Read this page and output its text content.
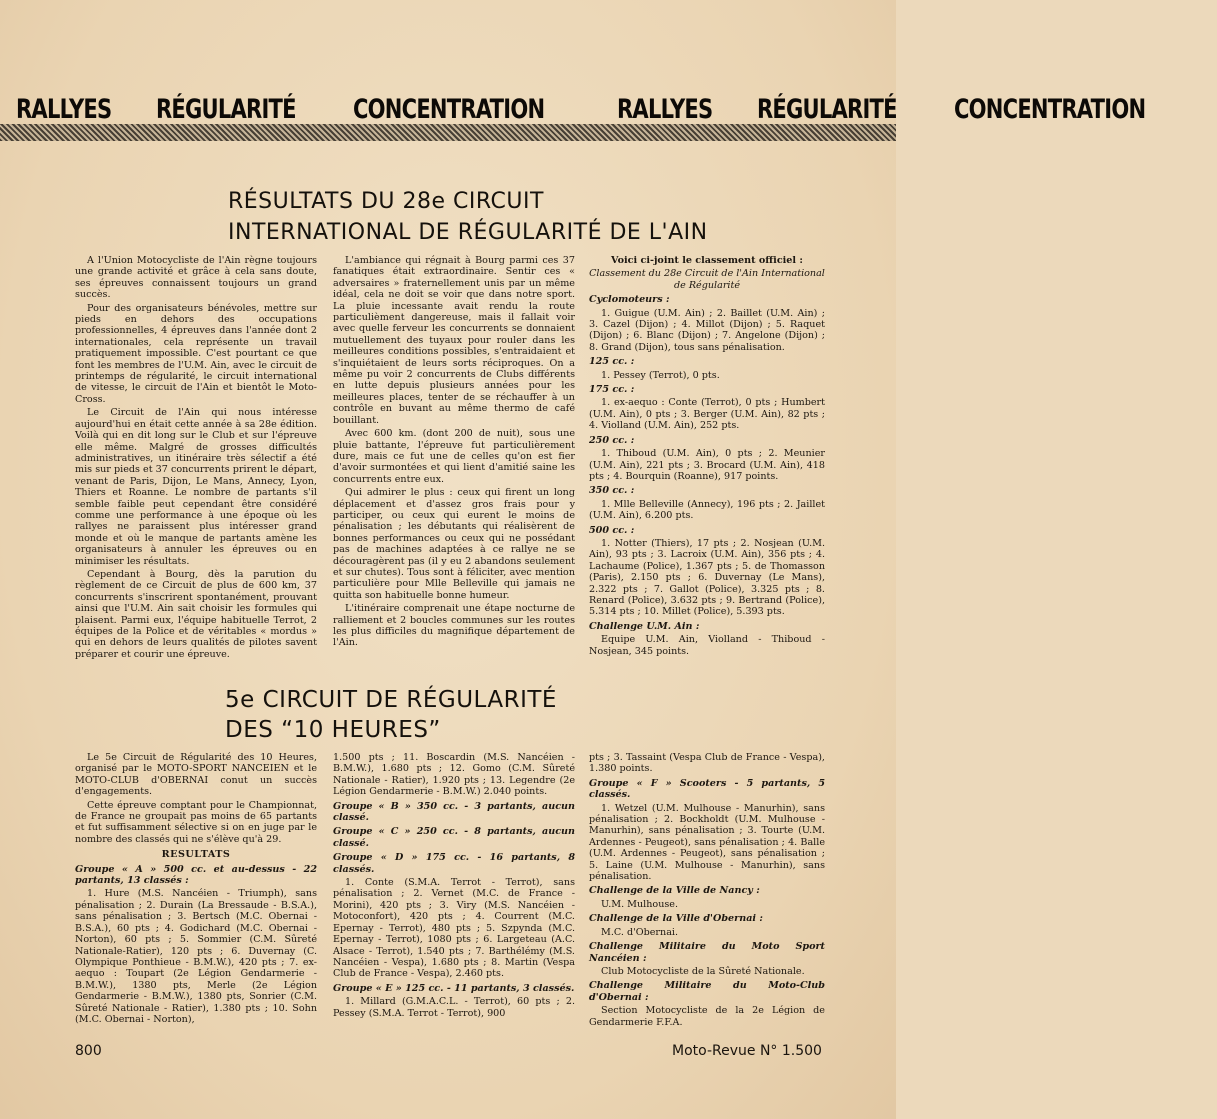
RALLYES RÉGULARITÉ CONCENTRATION	RALLYES RÉGULARITÉ CONCENTRATION
RÉSULTATS DU 28e CIRCUIT
INTERNATIONAL DE RÉGULARITÉ DE L'AIN

A l'Union Motocycliste de l'Ain règne toujours une grande activité et grâce à cela sans doute, ses épreuves connaissent toujours un grand succès.

Pour des organisateurs bénévoles, mettre sur pieds en dehors des occupations professionnelles, 4 épreuves dans l'année dont 2 internationales, cela représente un travail pratiquement impossible. C'est pourtant ce que font les membres de l'U.M. Ain, avec le circuit de printemps de régularité, le circuit international de vitesse, le circuit de l'Ain et bientôt le Moto-Cross.

Le Circuit de l'Ain qui nous intéresse aujourd'hui en était cette année à sa 28e édition. Voilà qui en dit long sur le Club et sur l'épreuve elle même. Malgré de grosses difficultés administratives, un itinéraire très sélectif a été mis sur pieds et 37 concurrents prirent le départ, venant de Paris, Dijon, Le Mans, Annecy, Lyon, Thiers et Roanne. Le nombre de partants s'il semble faible peut cependant être considéré comme une performance à une époque où les rallyes ne paraissent plus intéresser grand monde et où le manque de partants amène les organisateurs à annuler les épreuves ou en minimiser les résultats.

Cependant à Bourg, dès la parution du règlement de ce Circuit de plus de 600 km, 37 concurrents s'inscrirent spontanément, prouvant ainsi que l'U.M. Ain sait choisir les formules qui plaisent. Parmi eux, l'équipe habituelle Terrot, 2 équipes de la Police et de véritables « mordus » qui en dehors de leurs qualités de pilotes savent préparer et courir une épreuve.

L'ambiance qui régnait à Bourg parmi ces 37 fanatiques était extraordinaire. Sentir ces « adversaires » fraternellement unis par un même idéal, cela ne doit se voir que dans notre sport. La pluie incessante avait rendu la route particulièment dangereuse, mais il fallait voir avec quelle ferveur les concurrents se donnaient mutuellement des tuyaux pour rouler dans les meilleures conditions possibles, s'entraidaient et s'inquiétaient de leurs sorts réciproques. On a même pu voir 2 concurrents de Clubs différents en lutte depuis plusieurs années pour les meilleures places, tenter de se réchauffer à un contrôle en buvant au même thermo de café bouillant.

Avec 600 km. (dont 200 de nuit), sous une pluie battante, l'épreuve fut particulièrement dure, mais ce fut une de celles qu'on est fier d'avoir surmontées et qui lient d'amitié saine les concurrents entre eux.

Qui admirer le plus : ceux qui firent un long déplacement et d'assez gros frais pour y participer, ou ceux qui eurent le moins de pénalisation ; les débutants qui réalisèrent de bonnes performances ou ceux qui ne possédant pas de machines adaptées à ce rallye ne se découragèrent pas (il y eu 2 abandons seulement et sur chutes). Tous sont à féliciter, avec mention particulière pour Mlle Belleville qui jamais ne quitta son habituelle bonne humeur.

L'itinéraire comprenait une étape nocturne de ralliement et 2 boucles communes sur les routes les plus difficiles du magnifique département de l'Ain.

Voici ci-joint le classement officiel :

Classement du 28e Circuit de l'Ain International de Régularité

Cyclomoteurs :

1. Guigue (U.M. Ain) ; 2. Baillet (U.M. Ain) ; 3. Cazel (Dijon) ; 4. Millot (Dijon) ; 5. Raquet (Dijon) ; 6. Blanc (Dijon) ; 7. Angelone (Dijon) ; 8. Grand (Dijon), tous sans pénalisation.

125 cc. :

1. Pessey (Terrot), 0 pts.

175 cc. :

1. ex-aequo : Conte (Terrot), 0 pts ; Humbert (U.M. Ain), 0 pts ; 3. Berger (U.M. Ain), 82 pts ; 4. Violland (U.M. Ain), 252 pts.

250 cc. :

1. Thiboud (U.M. Ain), 0 pts ; 2. Meunier (U.M. Ain), 221 pts ; 3. Brocard (U.M. Ain), 418 pts ; 4. Bourquin (Roanne), 917 points.

350 cc. :

1. Mlle Belleville (Annecy), 196 pts ; 2. Jaillet (U.M. Ain), 6.200 pts.

500 cc. :

1. Notter (Thiers), 17 pts ; 2. Nosjean (U.M. Ain), 93 pts ; 3. Lacroix (U.M. Ain), 356 pts ; 4. Lachaume (Police), 1.367 pts ; 5. de Thomasson (Paris), 2.150 pts ; 6. Duvernay (Le Mans), 2.322 pts ; 7. Gallot (Police), 3.325 pts ; 8. Renard (Police), 3.632 pts ; 9. Bertrand (Police), 5.314 pts ; 10. Millet (Police), 5.393 pts.

Challenge U.M. Ain :

Equipe U.M. Ain, Violland - Thiboud - Nosjean, 345 points.

5e CIRCUIT DE RÉGULARITÉ
DES “10 HEURES”

Le 5e Circuit de Régularité des 10 Heures, organisé par le MOTO-SPORT NANCEIEN et le MOTO-CLUB d'OBERNAI conut un succès d'engagements.

Cette épreuve comptant pour le Championnat, de France ne groupait pas moins de 65 partants et fut suffisamment sélective si on en juge par le nombre des classés qui ne s'élève qu'à 29.

RESULTATS

Groupe « A » 500 cc. et au-dessus - 22 partants, 13 classés :

1. Hure (M.S. Nancéien - Triumph), sans pénalisation ; 2. Durain (La Bressaude - B.S.A.), sans pénalisation ; 3. Bertsch (M.C. Obernai - B.S.A.), 60 pts ; 4. Godichard (M.C. Obernai - Norton), 60 pts ; 5. Sommier (C.M. Sûreté Nationale-Ratier), 120 pts ; 6. Duvernay (C. Olympique Ponthieue - B.M.W.), 420 pts ; 7. ex-aequo : Toupart (2e Légion Gendarmerie - B.M.W.), 1380 pts, Merle (2e Légion Gendarmerie - B.M.W.), 1380 pts, Sonrier (C.M. Sûreté Nationale - Ratier), 1.380 pts ; 10. Sohn (M.C. Obernai - Norton),

1.500 pts ; 11. Boscardin (M.S. Nancéien - B.M.W.), 1.680 pts ; 12. Gomo (C.M. Sûreté Nationale - Ratier), 1.920 pts ; 13. Legendre (2e Légion Gendarmerie - B.M.W.) 2.040 points.

Groupe « B » 350 cc. - 3 partants, aucun classé.

Groupe « C » 250 cc. - 8 partants, aucun classé.

Groupe « D » 175 cc. - 16 partants, 8 classés.

1. Conte (S.M.A. Terrot - Terrot), sans pénalisation ; 2. Vernet (M.C. de France - Morini), 420 pts ; 3. Viry (M.S. Nancéien - Motoconfort), 420 pts ; 4. Courrent (M.C. Epernay - Terrot), 480 pts ; 5. Szpynda (M.C. Epernay - Terrot), 1080 pts ; 6. Largeteau (A.C. Alsace - Terrot), 1.540 pts ; 7. Barthélémy (M.S. Nancéien - Vespa), 1.680 pts ; 8. Martin (Vespa Club de France - Vespa), 2.460 pts.

Groupe « E » 125 cc. - 11 partants, 3 classés.

1. Millard (G.M.A.C.L. - Terrot), 60 pts ; 2. Pessey (S.M.A. Terrot - Terrot), 900

pts ; 3. Tassaint (Vespa Club de France - Vespa), 1.380 points.

Groupe « F » Scooters - 5 partants, 5 classés.

1. Wetzel (U.M. Mulhouse - Manurhin), sans pénalisation ; 2. Bockholdt (U.M. Mulhouse - Manurhin), sans pénalisation ; 3. Tourte (U.M. Ardennes - Peugeot), sans pénalisation ; 4. Balle (U.M. Ardennes - Peugeot), sans pénalisation ; 5. Laine (U.M. Mulhouse - Manurhin), sans pénalisation.

Challenge de la Ville de Nancy :

U.M. Mulhouse.

Challenge de la Ville d'Obernai :

M.C. d'Obernai.

Challenge Militaire du Moto Sport Nancéien :

Club Motocycliste de la Sûreté Nationale.

Challenge Militaire du Moto-Club d'Obernai :

Section Motocycliste de la 2e Légion de Gendarmerie F.F.A.

800	Moto-Revue N° 1.500
